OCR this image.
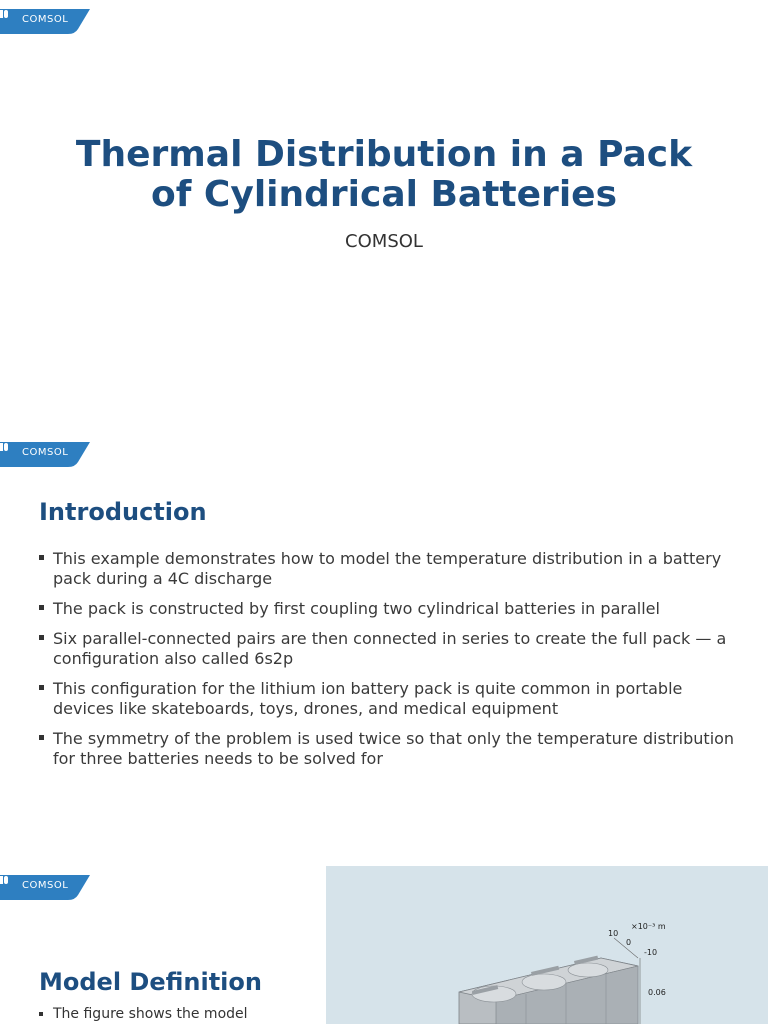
COMSOL
Thermal Distribution in a Pack
of Cylindrical Batteries
COMSOL
COMSOL
Introduction
This example demonstrates how to model the temperature distribution in a battery pack during a 4C discharge
The pack is constructed by first coupling two cylindrical batteries in parallel
Six parallel-connected pairs are then connected in series to create the full pack — a configuration also called 6s2p
This configuration for the lithium ion battery pack is quite common in portable devices like skateboards, toys, drones, and medical equipment
The symmetry of the problem is used twice so that only the temperature distribution for three batteries needs to be solved for
COMSOL
Model Definition
The figure shows the model
×10⁻³ m
10
0
-10
0.06
